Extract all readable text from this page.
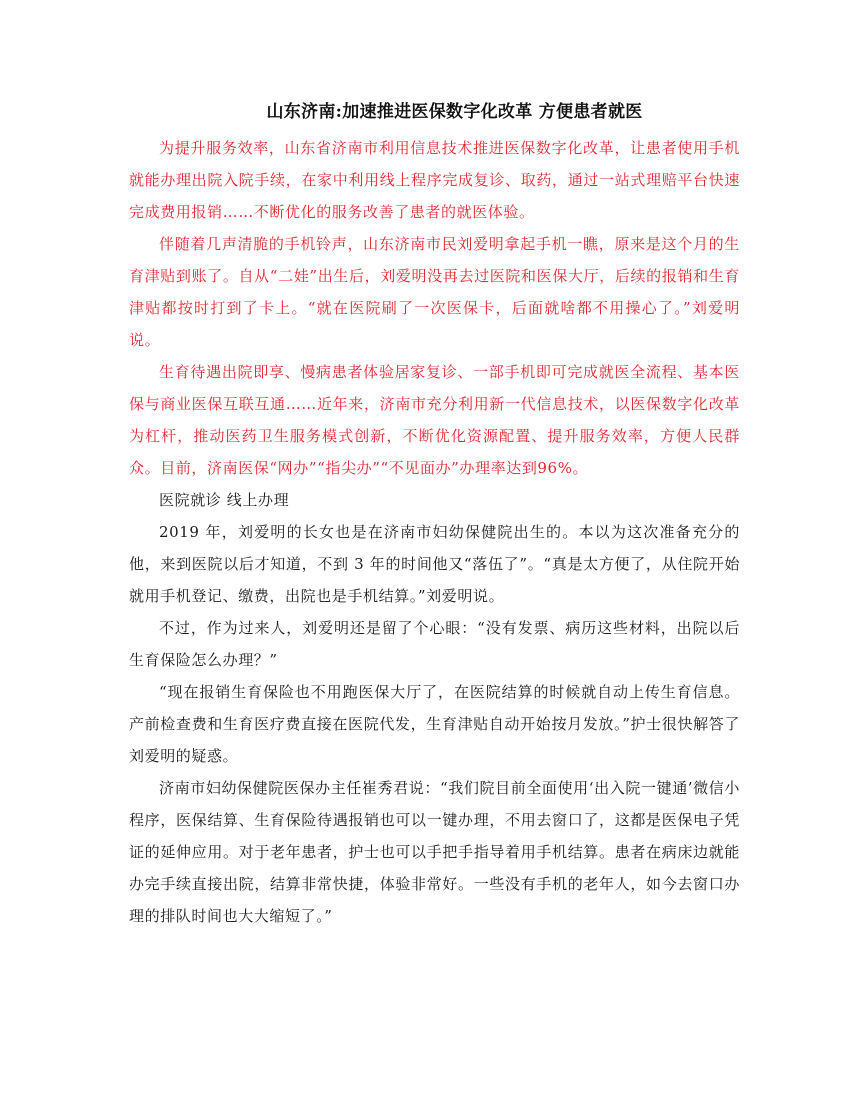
山东济南:加速推进医保数字化改革 方便患者就医

为提升服务效率，山东省济南市利用信息技术推进医保数字化改革，让患者使用手机就能办理出院入院手续，在家中利用线上程序完成复诊、取药，通过一站式理赔平台快速完成费用报销……不断优化的服务改善了患者的就医体验。

伴随着几声清脆的手机铃声，山东济南市民刘爱明拿起手机一瞧，原来是这个月的生育津贴到账了。自从“二娃”出生后，刘爱明没再去过医院和医保大厅，后续的报销和生育津贴都按时打到了卡上。“就在医院刷了一次医保卡，后面就啥都不用操心了。”刘爱明说。

生育待遇出院即享、慢病患者体验居家复诊、一部手机即可完成就医全流程、基本医保与商业医保互联互通……近年来，济南市充分利用新一代信息技术，以医保数字化改革为杠杆，推动医药卫生服务模式创新，不断优化资源配置、提升服务效率，方便人民群众。目前，济南医保“网办”“指尖办”“不见面办”办理率达到96%。

医院就诊 线上办理

2019 年，刘爱明的长女也是在济南市妇幼保健院出生的。本以为这次准备充分的他，来到医院以后才知道，不到 3 年的时间他又“落伍了”。“真是太方便了，从住院开始就用手机登记、缴费，出院也是手机结算。”刘爱明说。

不过，作为过来人，刘爱明还是留了个心眼：“没有发票、病历这些材料，出院以后生育保险怎么办理？”

“现在报销生育保险也不用跑医保大厅了，在医院结算的时候就自动上传生育信息。产前检查费和生育医疗费直接在医院代发，生育津贴自动开始按月发放。”护士很快解答了刘爱明的疑惑。

济南市妇幼保健院医保办主任崔秀君说：“我们院目前全面使用‘出入院一键通’微信小程序，医保结算、生育保险待遇报销也可以一键办理，不用去窗口了，这都是医保电子凭证的延伸应用。对于老年患者，护士也可以手把手指导着用手机结算。患者在病床边就能办完手续直接出院，结算非常快捷，体验非常好。一些没有手机的老年人，如今去窗口办理的排队时间也大大缩短了。”
